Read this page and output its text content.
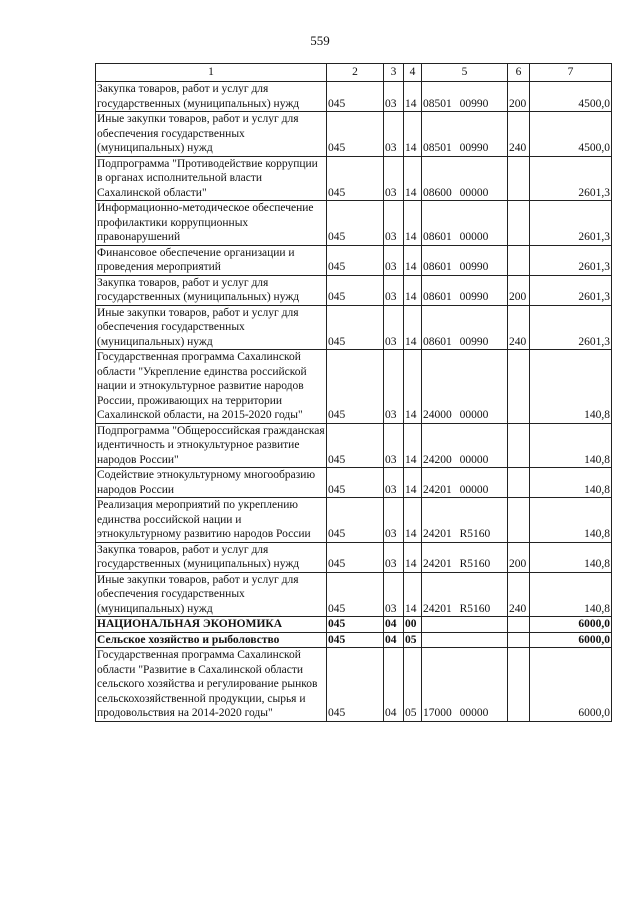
559
1	2	3	4	5	6	7
Закупка товаров, работ и услуг для государственных (муниципальных) нужд	045	03	14	08501 00990	200	4500,0
Иные закупки товаров, работ и услуг для обеспечения государственных (муниципальных) нужд	045	03	14	08501 00990	240	4500,0
Подпрограмма "Противодействие коррупции в органах исполнительной власти Сахалинской области"	045	03	14	08600 00000		2601,3
Информационно-методическое обеспечение профилактики коррупционных правонарушений	045	03	14	08601 00000		2601,3
Финансовое обеспечение организации и проведения мероприятий	045	03	14	08601 00990		2601,3
Закупка товаров, работ и услуг для государственных (муниципальных) нужд	045	03	14	08601 00990	200	2601,3
Иные закупки товаров, работ и услуг для обеспечения государственных (муниципальных) нужд	045	03	14	08601 00990	240	2601,3
Государственная программа Сахалинской области "Укрепление единства российской нации и этнокультурное развитие народов России, проживающих на территории Сахалинской области, на 2015-2020 годы"	045	03	14	24000 00000		140,8
Подпрограмма "Общероссийская гражданская идентичность и этнокультурное развитие народов России"	045	03	14	24200 00000		140,8
Содействие этнокультурному многообразию народов России	045	03	14	24201 00000		140,8
Реализация мероприятий по укреплению единства российской нации и этнокультурному развитию народов России	045	03	14	24201 R5160		140,8
Закупка товаров, работ и услуг для государственных (муниципальных) нужд	045	03	14	24201 R5160	200	140,8
Иные закупки товаров, работ и услуг для обеспечения государственных (муниципальных) нужд	045	03	14	24201 R5160	240	140,8
НАЦИОНАЛЬНАЯ ЭКОНОМИКА	045	04	00			6000,0
Сельское хозяйство и рыболовство	045	04	05			6000,0
Государственная программа Сахалинской области "Развитие в Сахалинской области сельского хозяйства и регулирование рынков сельскохозяйственной продукции, сырья и продовольствия на 2014-2020 годы"	045	04	05	17000 00000		6000,0
